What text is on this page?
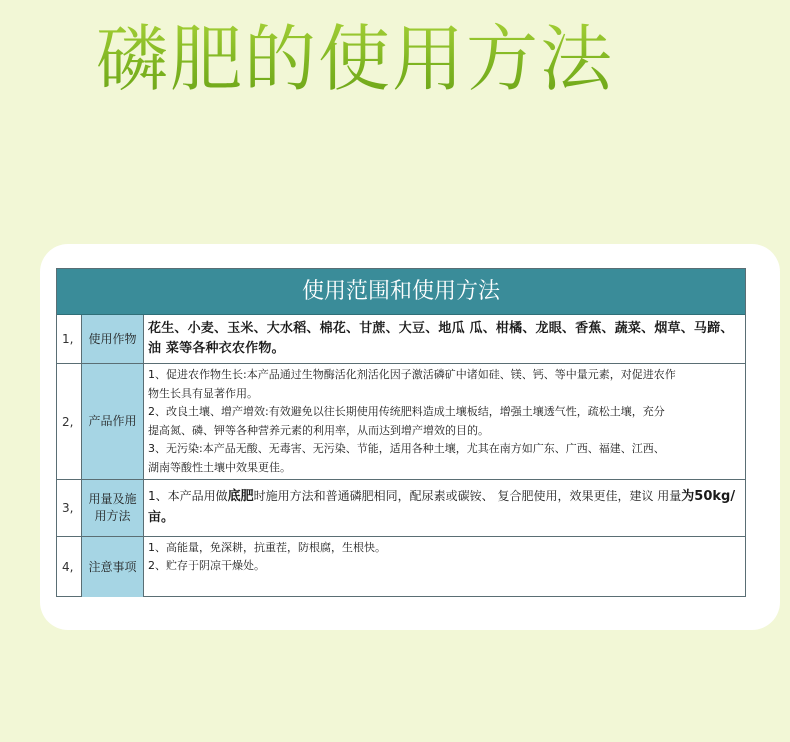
磷肥的使用方法
使用范围和使用方法
1,	使用作物
花生、小麦、玉米、大水稻、棉花、甘蔗、大豆、地瓜 瓜、柑橘、龙眼、香蕉、蔬菜、烟草、马蹄、油 菜等各种衣农作物。
2,	产品作用

1、促进农作物生长:本产品通过生物酶活化剂活化因子激活磷矿中诸如硅、镁、钙、等中量元素，对促进农作

物生长具有显著作用。

2、改良土壤、增产增效:有效避免以往长期使用传统肥料造成土壤板结，增强土壤透气性，疏松土壤，充分

提高氮、磷、钾等各种营养元素的利用率，从而达到增产增效的目的。

3、无污染:本产品无酸、无毒害、无污染、节能，适用各种土壤，尤其在南方如广东、广西、福建、江西、

湖南等酸性土壤中效果更佳。

3,
用量及施用方法
1、本产品用做底肥时施用方法和普通磷肥相同，配尿素或碳铵、 复合肥使用，效果更佳，建议 用量为50kg/亩。
4,	注意事项

1、高能量，免深耕，抗重茬，防根腐，生根快。

2、贮存于阴凉干燥处。
